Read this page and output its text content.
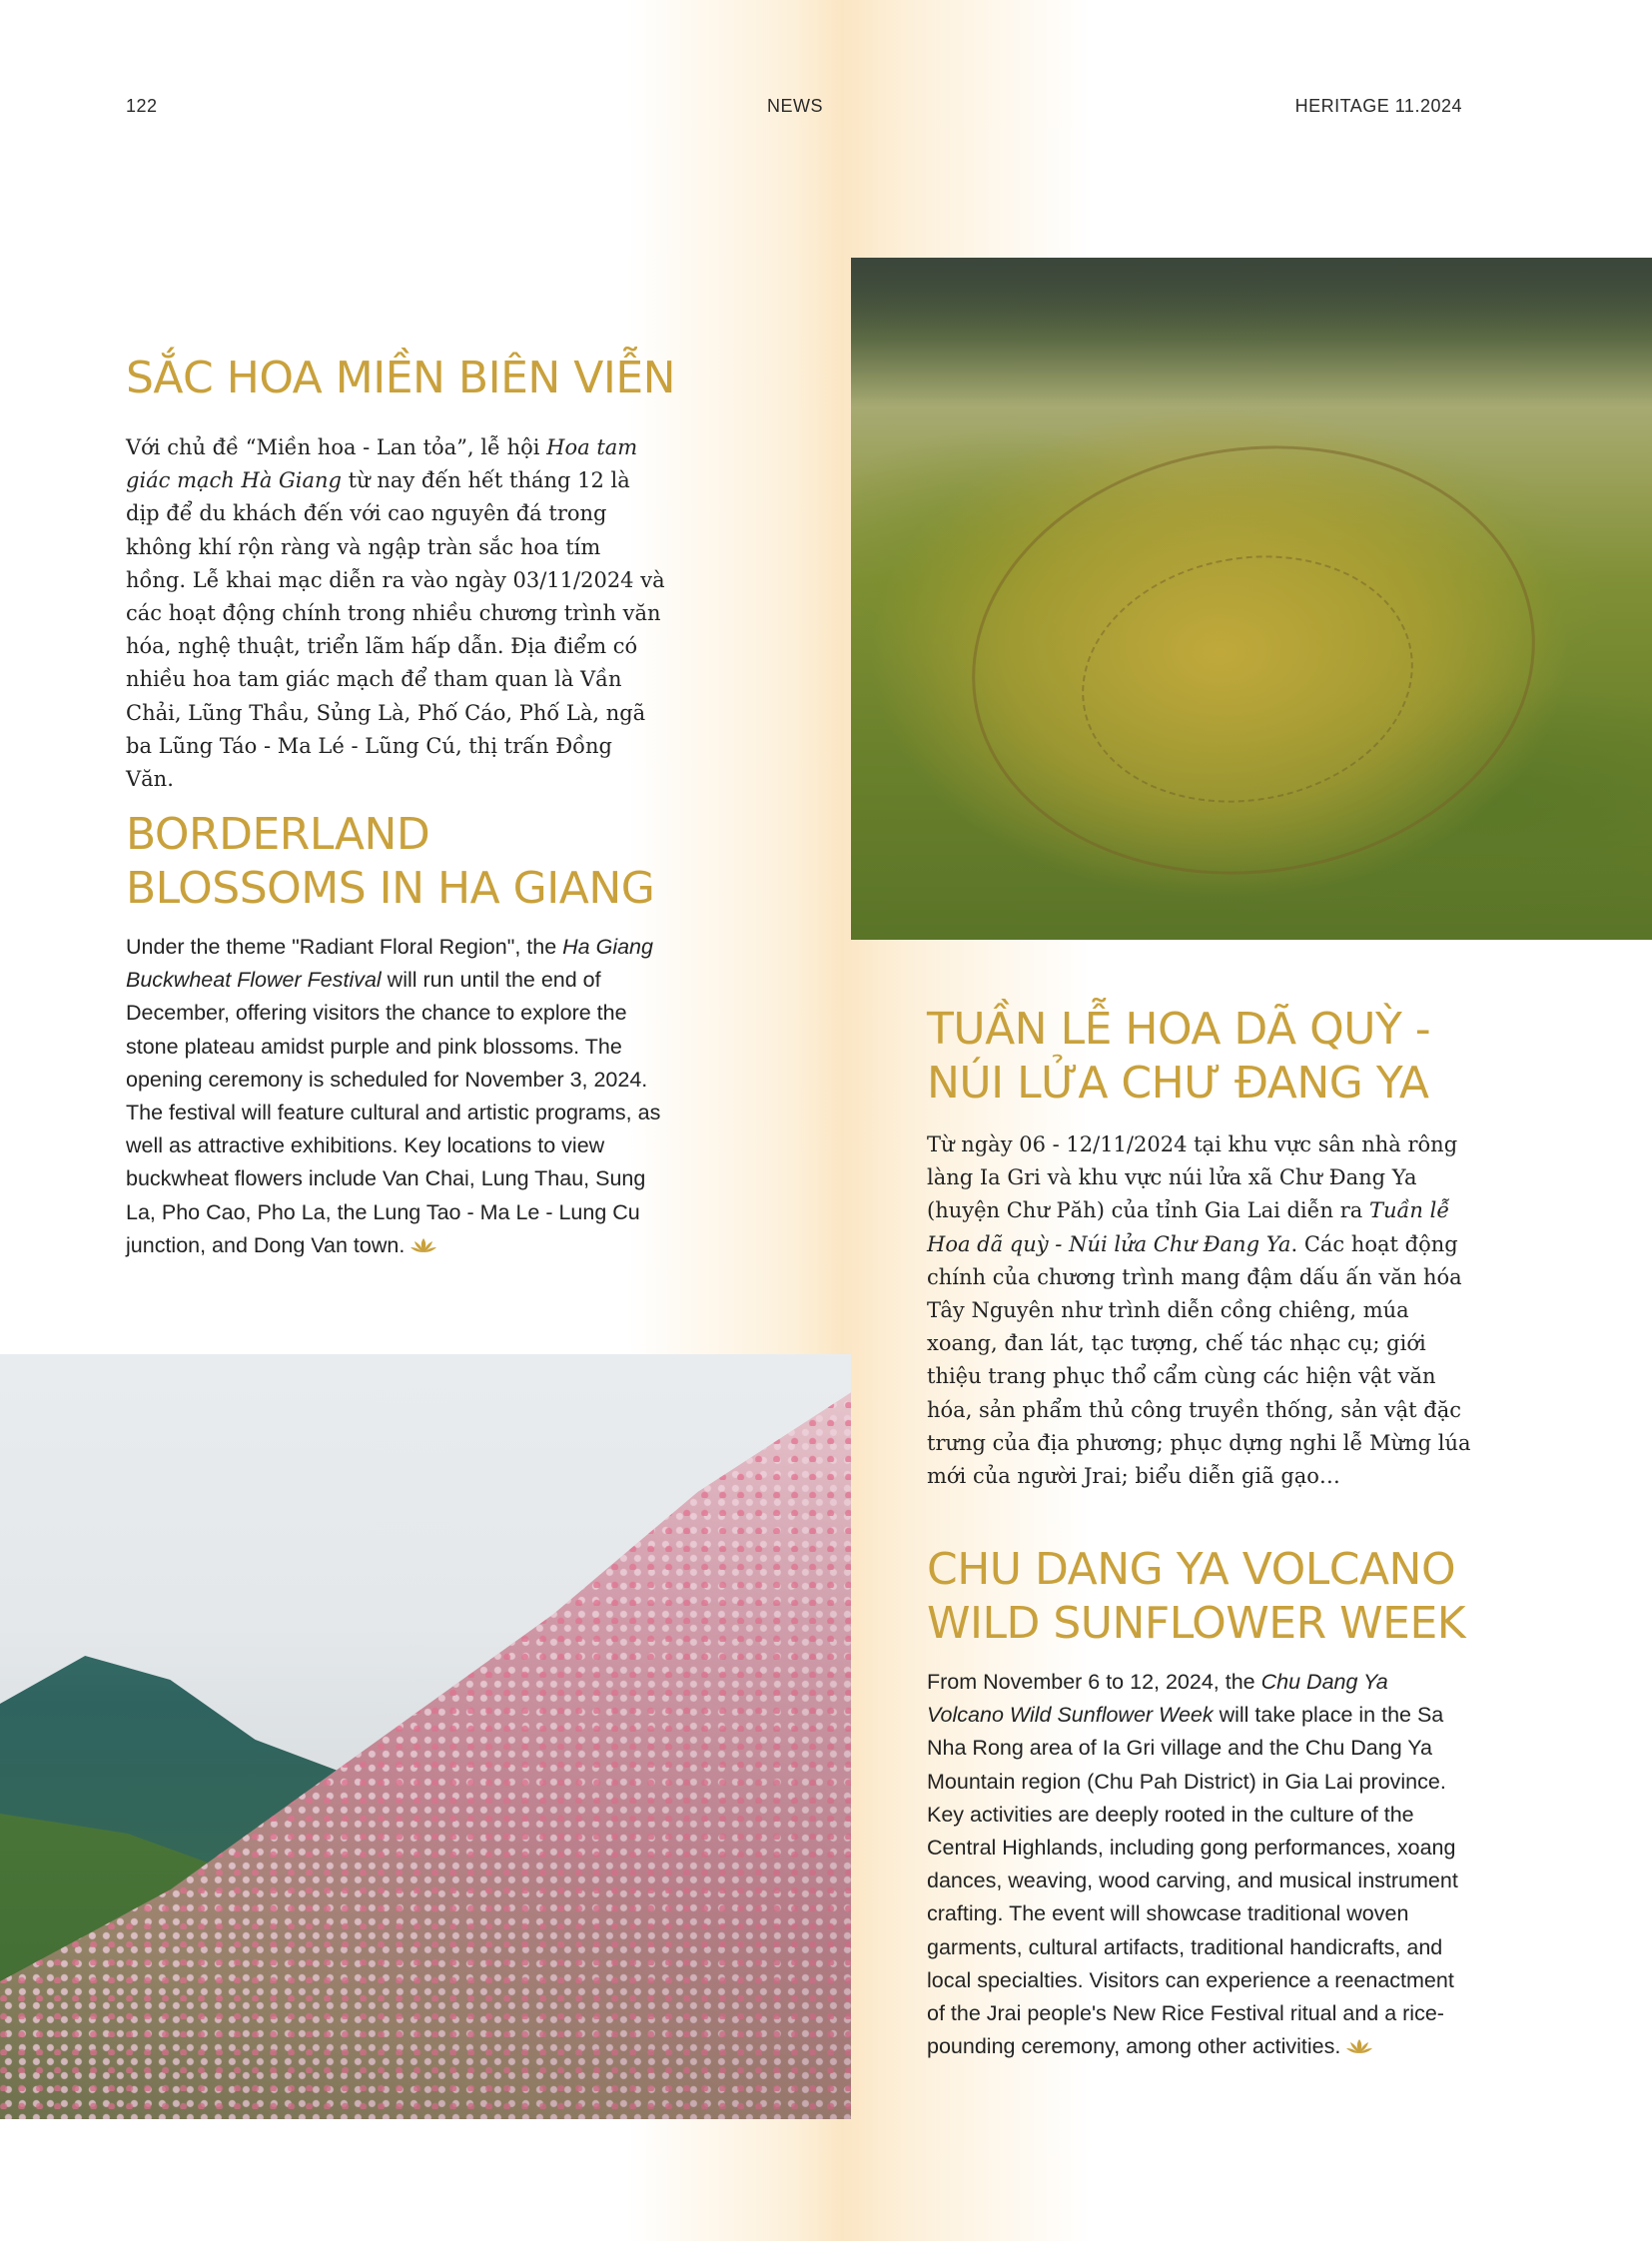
122	NEWS	HERITAGE 11.2024
SẮC HOA MIỀN BIÊN VIỄN

Với chủ đề “Miền hoa - Lan tỏa”, lễ hội Hoa tam giác mạch Hà Giang từ nay đến hết tháng 12 là dịp để du khách đến với cao nguyên đá trong không khí rộn ràng và ngập tràn sắc hoa tím hồng. Lễ khai mạc diễn ra vào ngày 03/11/2024 và các hoạt động chính trong nhiều chương trình văn hóa, nghệ thuật, triển lãm hấp dẫn. Địa điểm có nhiều hoa tam giác mạch để tham quan là Vần Chải, Lũng Thầu, Sủng Là, Phố Cáo, Phố Là, ngã ba Lũng Táo - Ma Lé - Lũng Cú, thị trấn Đồng Văn.

BORDERLAND
BLOSSOMS IN HA GIANG

Under the theme "Radiant Floral Region", the Ha Giang Buckwheat Flower Festival will run until the end of December, offering visitors the chance to explore the stone plateau amidst purple and pink blossoms. The opening ceremony is scheduled for November 3, 2024. The festival will feature cultural and artistic programs, as well as attractive exhibitions. Key locations to view buckwheat flowers include Van Chai, Lung Thau, Sung La, Pho Cao, Pho La, the Lung Tao - Ma Le - Lung Cu junction, and Dong Van town.

TUẦN LỄ HOA DÃ QUỲ -
NÚI LỬA CHƯ ĐANG YA

Từ ngày 06 - 12/11/2024 tại khu vực sân nhà rông làng Ia Gri và khu vực núi lửa xã Chư Đang Ya (huyện Chư Păh) của tỉnh Gia Lai diễn ra Tuần lễ Hoa dã quỳ - Núi lửa Chư Đang Ya. Các hoạt động chính của chương trình mang đậm dấu ấn văn hóa Tây Nguyên như trình diễn cồng chiêng, múa xoang, đan lát, tạc tượng, chế tác nhạc cụ; giới thiệu trang phục thổ cẩm cùng các hiện vật văn hóa, sản phẩm thủ công truyền thống, sản vật đặc trưng của địa phương; phục dựng nghi lễ Mừng lúa mới của người Jrai; biểu diễn giã gạo…

CHU DANG YA VOLCANO
WILD SUNFLOWER WEEK

From November 6 to 12, 2024, the Chu Dang Ya Volcano Wild Sunflower Week will take place in the Sa Nha Rong area of Ia Gri village and the Chu Dang Ya Mountain region (Chu Pah District) in Gia Lai province. Key activities are deeply rooted in the culture of the Central Highlands, including gong performances, xoang dances, weaving, wood carving, and musical instrument crafting. The event will showcase traditional woven garments, cultural artifacts, traditional handicrafts, and local specialties. Visitors can experience a reenactment of the Jrai people's New Rice Festival ritual and a rice-pounding ceremony, among other activities.
